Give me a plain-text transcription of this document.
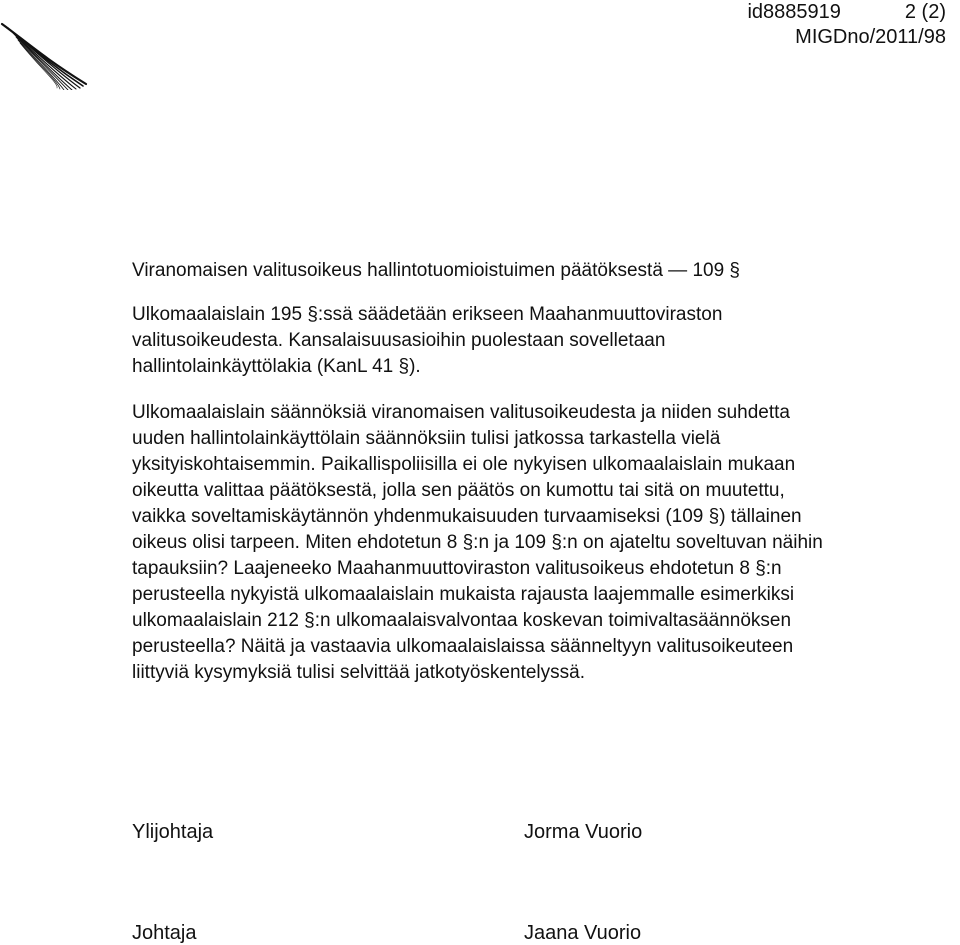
id8885919	2 (2)
MIGDno/2011/98
Viranomaisen valitusoikeus hallintotuomioistuimen päätöksestä — 109 §
Ulkomaalaislain 195 §:ssä säädetään erikseen Maahanmuuttoviraston
valitusoikeudesta. Kansalaisuusasioihin puolestaan sovelletaan
hallintolainkäyttölakia (KanL 41 §).
Ulkomaalaislain säännöksiä viranomaisen valitusoikeudesta ja niiden suhdetta
uuden hallintolainkäyttölain säännöksiin tulisi jatkossa tarkastella vielä
yksityiskohtaisemmin. Paikallispoliisilla ei ole nykyisen ulkomaalaislain mukaan
oikeutta valittaa päätöksestä, jolla sen päätös on kumottu tai sitä on muutettu,
vaikka soveltamiskäytännön yhdenmukaisuuden turvaamiseksi (109 §) tällainen
oikeus olisi tarpeen. Miten ehdotetun 8 §:n ja 109 §:n on ajateltu soveltuvan näihin
tapauksiin? Laajeneeko Maahanmuuttoviraston valitusoikeus ehdotetun 8 §:n
perusteella nykyistä ulkomaalaislain mukaista rajausta laajemmalle esimerkiksi
ulkomaalaislain 212 §:n ulkomaalaisvalvontaa koskevan toimivaltasäännöksen
perusteella? Näitä ja vastaavia ulkomaalaislaissa säänneltyyn valitusoikeuteen
liittyviä kysymyksiä tulisi selvittää jatkotyöskentelyssä.
Ylijohtaja	Jorma Vuorio
Johtaja	Jaana Vuorio
